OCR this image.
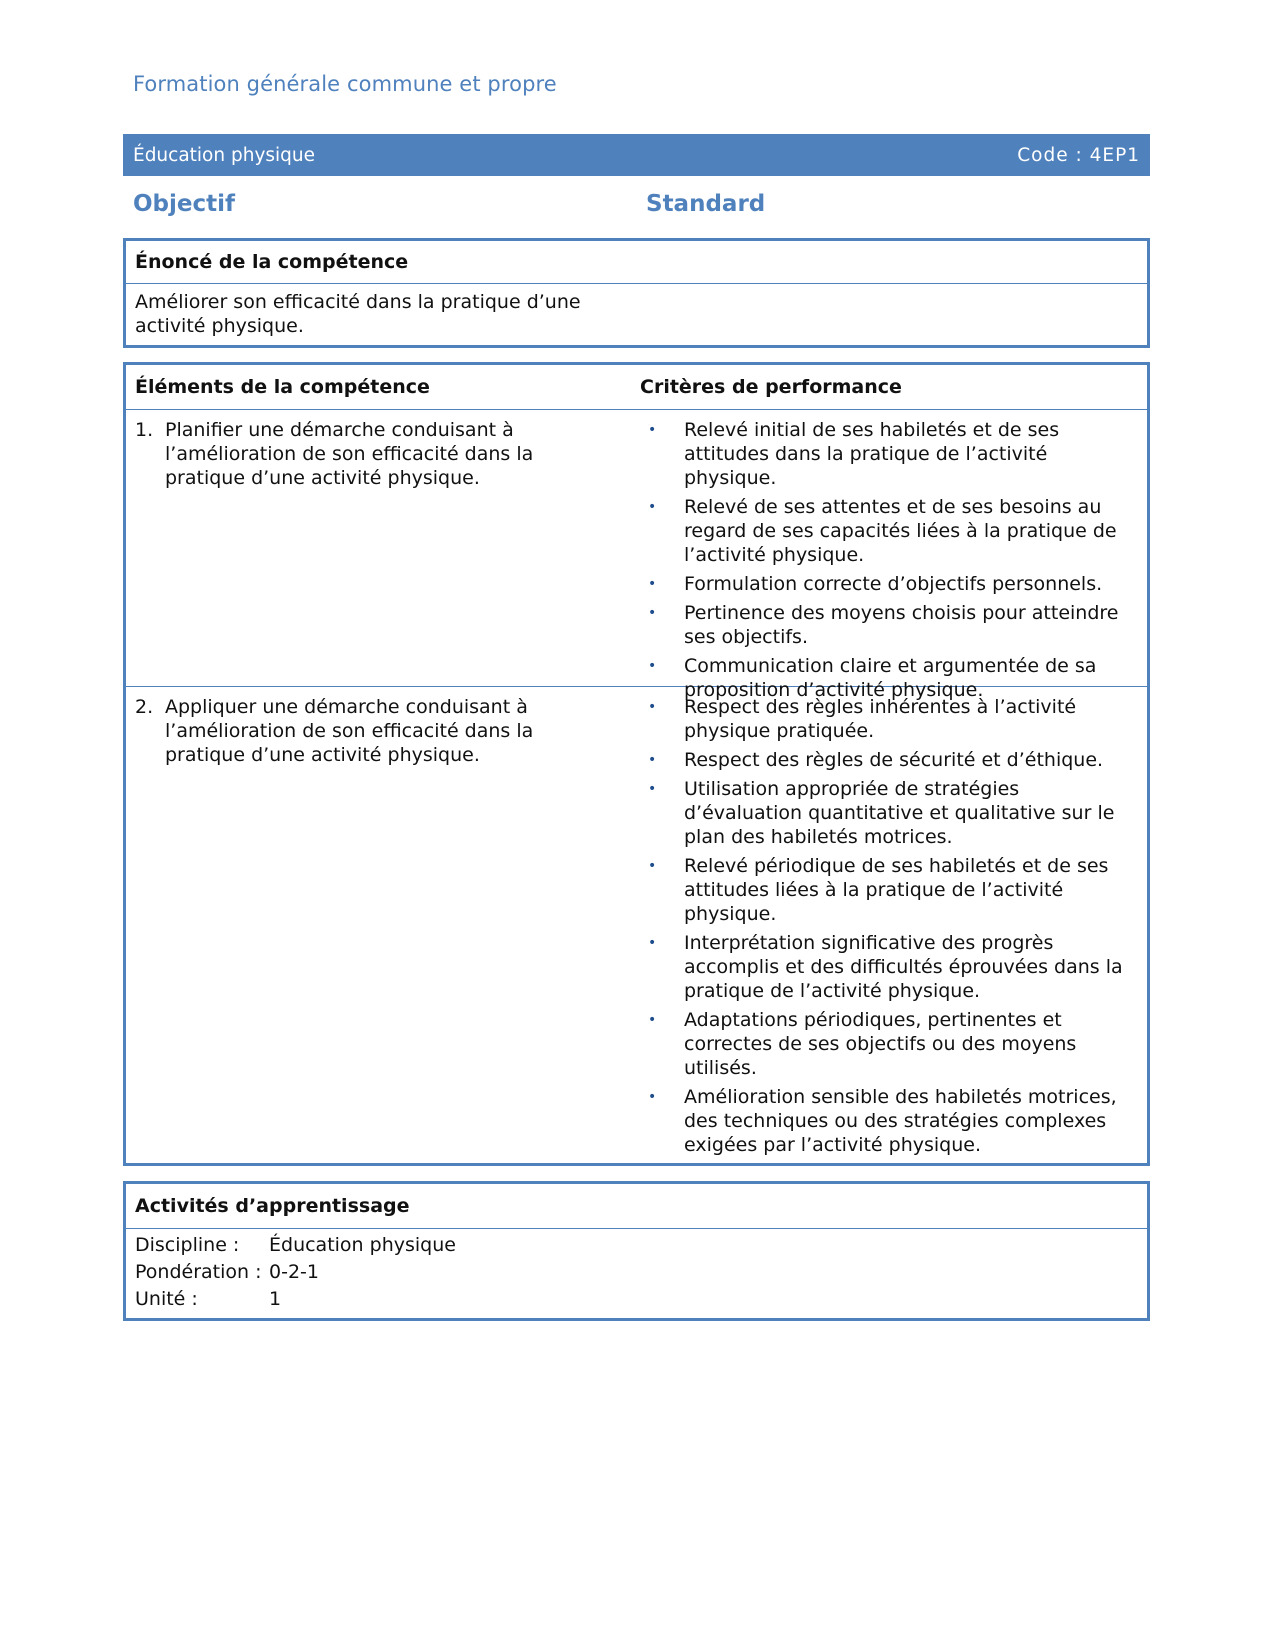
Formation générale commune et propre
Éducation physique	Code : 4EP1
Objectif	Standard
Énoncé de la compétence
Améliorer son efficacité dans la pratique d’une activité physique.
Éléments de la compétence	Critères de performance
1. Planifier une démarche conduisant à l’amélioration de son efficacité dans la pratique d’une activité physique.
•	Relevé initial de ses habiletés et de ses attitudes dans la pratique de l’activité physique.
•	Relevé de ses attentes et de ses besoins au regard de ses capacités liées à la pratique de l’activité physique.
•	Formulation correcte d’objectifs personnels.
•	Pertinence des moyens choisis pour atteindre ses objectifs.
•	Communication claire et argumentée de sa proposition d’activité physique.
2. Appliquer une démarche conduisant à l’amélioration de son efficacité dans la pratique d’une activité physique.
•	Respect des règles inhérentes à l’activité physique pratiquée.
•	Respect des règles de sécurité et d’éthique.
•	Utilisation appropriée de stratégies d’évaluation quantitative et qualitative sur le plan des habiletés motrices.
•	Relevé périodique de ses habiletés et de ses attitudes liées à la pratique de l’activité physique.
•	Interprétation significative des progrès accomplis et des difficultés éprouvées dans la pratique de l’activité physique.
•	Adaptations périodiques, pertinentes et correctes de ses objectifs ou des moyens utilisés.
•	Amélioration sensible des habiletés motrices, des techniques ou des stratégies complexes exigées par l’activité physique.
Activités d’apprentissage
Discipline :	Éducation physique
Pondération : 0-2-1
Unité :	1
